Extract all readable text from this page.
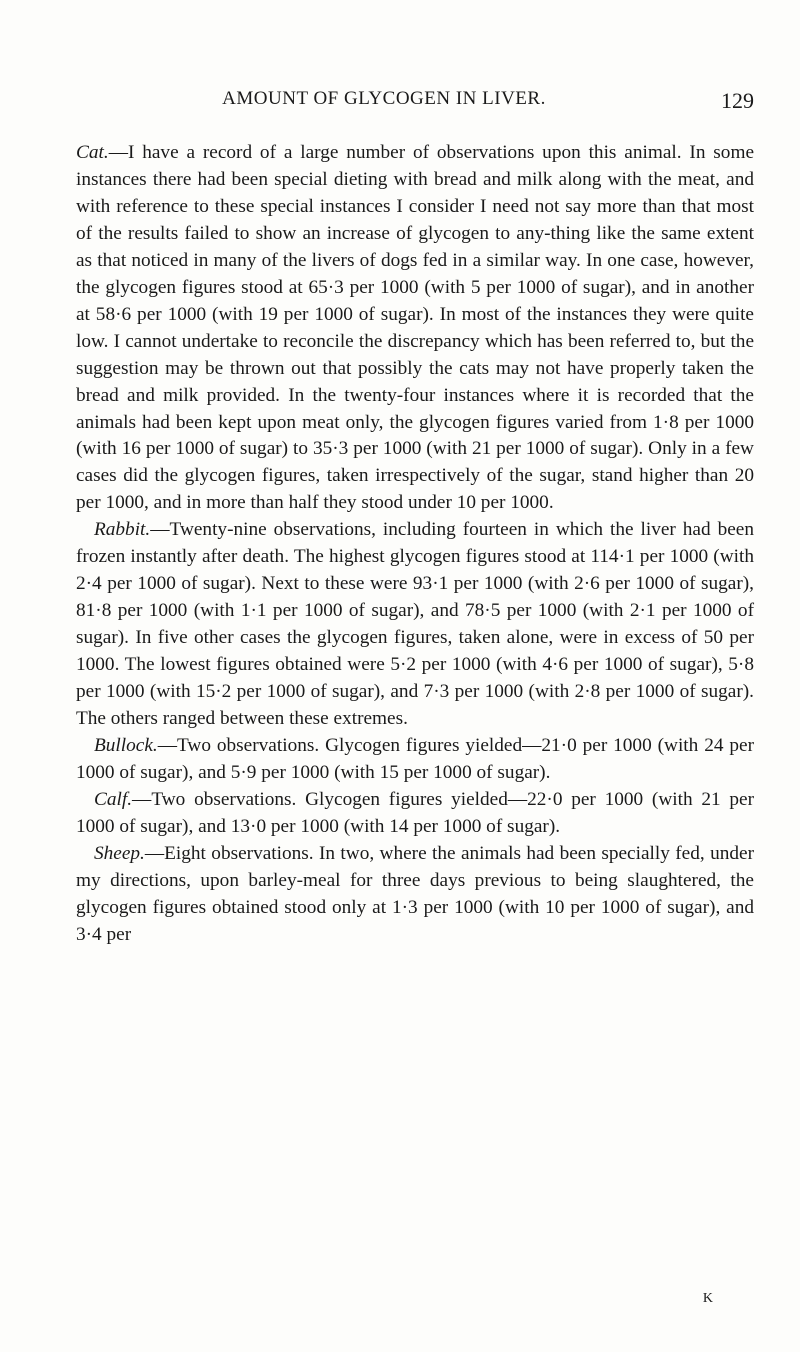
AMOUNT OF GLYCOGEN IN LIVER.	129

Cat.—I have a record of a large number of observations upon this animal. In some instances there had been special dieting with bread and milk along with the meat, and with reference to these special instances I consider I need not say more than that most of the results failed to show an increase of glycogen to any-thing like the same extent as that noticed in many of the livers of dogs fed in a similar way. In one case, however, the glycogen figures stood at 65·3 per 1000 (with 5 per 1000 of sugar), and in another at 58·6 per 1000 (with 19 per 1000 of sugar). In most of the instances they were quite low. I cannot undertake to reconcile the discrepancy which has been referred to, but the suggestion may be thrown out that possibly the cats may not have properly taken the bread and milk provided. In the twenty-four instances where it is recorded that the animals had been kept upon meat only, the glycogen figures varied from 1·8 per 1000 (with 16 per 1000 of sugar) to 35·3 per 1000 (with 21 per 1000 of sugar). Only in a few cases did the glycogen figures, taken irrespectively of the sugar, stand higher than 20 per 1000, and in more than half they stood under 10 per 1000.

Rabbit.—Twenty-nine observations, including fourteen in which the liver had been frozen instantly after death. The highest glycogen figures stood at 114·1 per 1000 (with 2·4 per 1000 of sugar). Next to these were 93·1 per 1000 (with 2·6 per 1000 of sugar), 81·8 per 1000 (with 1·1 per 1000 of sugar), and 78·5 per 1000 (with 2·1 per 1000 of sugar). In five other cases the glycogen figures, taken alone, were in excess of 50 per 1000. The lowest figures obtained were 5·2 per 1000 (with 4·6 per 1000 of sugar), 5·8 per 1000 (with 15·2 per 1000 of sugar), and 7·3 per 1000 (with 2·8 per 1000 of sugar). The others ranged between these extremes.

Bullock.—Two observations. Glycogen figures yielded—21·0 per 1000 (with 24 per 1000 of sugar), and 5·9 per 1000 (with 15 per 1000 of sugar).

Calf.—Two observations. Glycogen figures yielded—22·0 per 1000 (with 21 per 1000 of sugar), and 13·0 per 1000 (with 14 per 1000 of sugar).

Sheep.—Eight observations. In two, where the animals had been specially fed, under my directions, upon barley-meal for three days previous to being slaughtered, the glycogen figures obtained stood only at 1·3 per 1000 (with 10 per 1000 of sugar), and 3·4 per

K
